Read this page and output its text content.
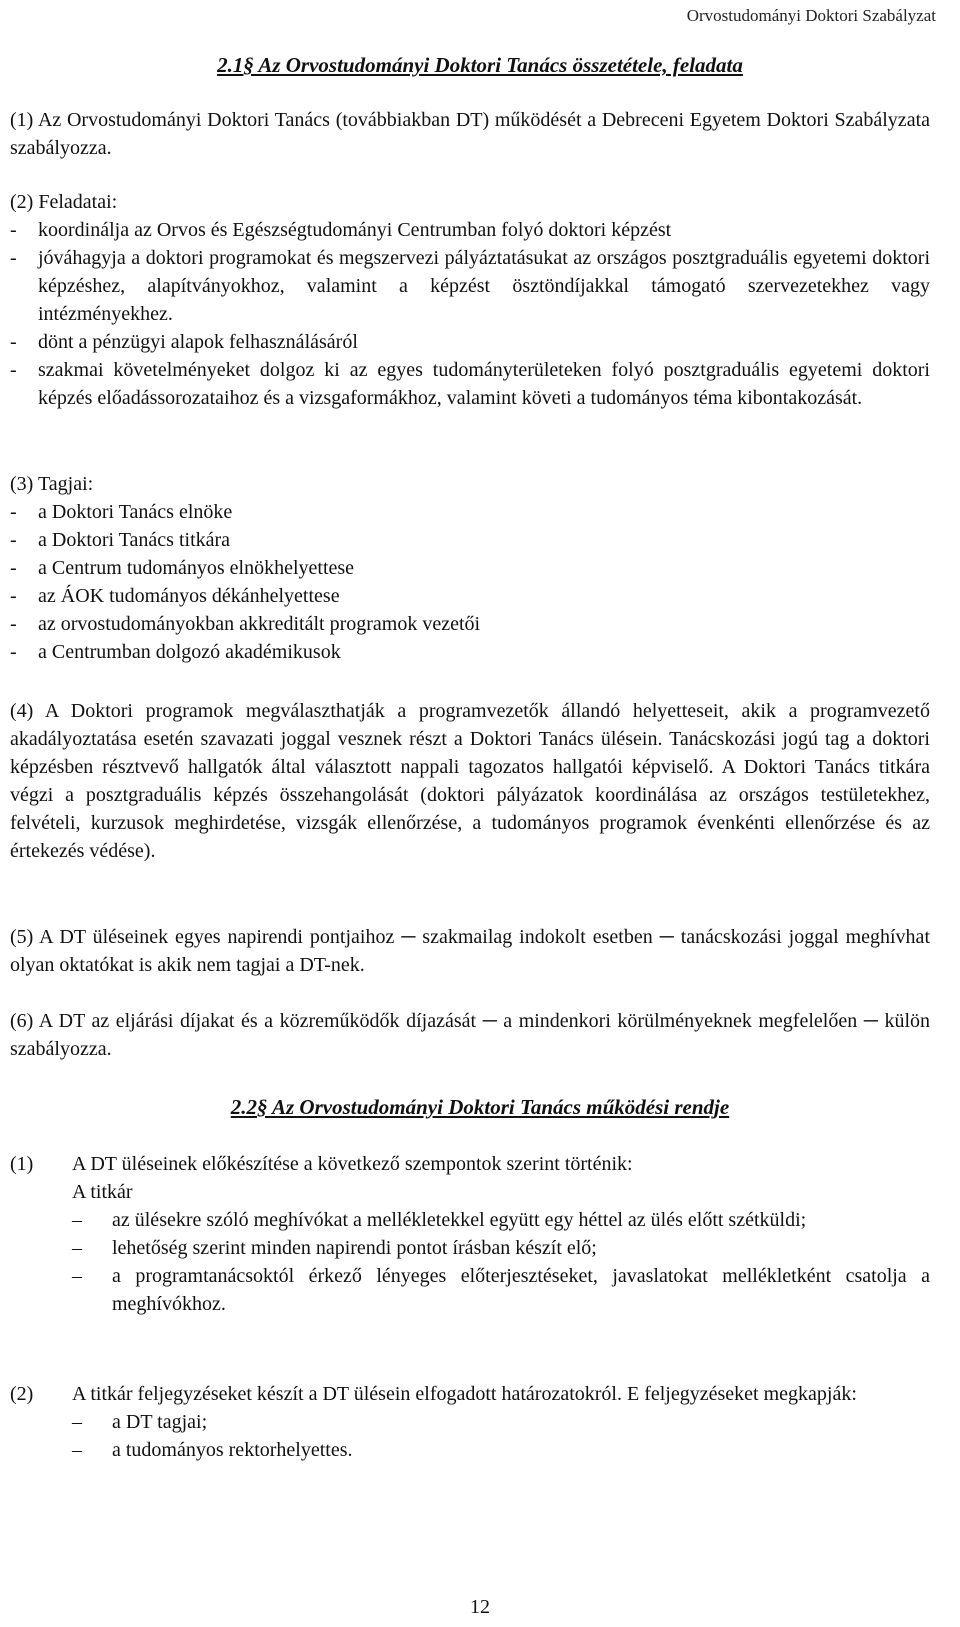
Orvostudományi Doktori Szabályzat
2.1§ Az Orvostudományi Doktori Tanács összetétele, feladata
(1) Az Orvostudományi Doktori Tanács (továbbiakban DT) működését a Debreceni Egyetem Doktori Szabályzata szabályozza.
(2) Feladatai:
- koordinálja az Orvos és Egészségtudományi Centrumban folyó doktori képzést
- jóváhagyja a doktori programokat és megszervezi pályáztatásukat az országos posztgraduális egyetemi doktori képzéshez, alapítványokhoz, valamint a képzést ösztöndíjakkal támogató szervezetekhez vagy intézményekhez.
- dönt a pénzügyi alapok felhasználásáról
- szakmai követelményeket dolgoz ki az egyes tudományterületeken folyó posztgraduális egyetemi doktori képzés előadássorozataihoz és a vizsgaformákhoz, valamint követi a tudományos téma kibontakozását.
(3) Tagjai:
- a Doktori Tanács elnöke
- a Doktori Tanács titkára
- a Centrum tudományos elnökhelyettese
- az ÁOK tudományos dékánhelyettese
- az orvostudományokban akkreditált programok vezetői
- a Centrumban dolgozó akadémikusok
(4) A Doktori programok megválaszthatják a programvezetők állandó helyetteseit, akik a programvezető akadályoztatása esetén szavazati joggal vesznek részt a Doktori Tanács ülésein. Tanácskozási jogú tag a doktori képzésben résztvevő hallgatók által választott nappali tagozatos hallgatói képviselő. A Doktori Tanács titkára végzi a posztgraduális képzés összehangolását (doktori pályázatok koordinálása az országos testületekhez, felvételi, kurzusok meghirdetése, vizsgák ellenőrzése, a tudományos programok évenkénti ellenőrzése és az értekezés védése).
(5) A DT üléseinek egyes napirendi pontjaihoz ─ szakmailag indokolt esetben ─ tanácskozási joggal meghívhat olyan oktatókat is akik nem tagjai a DT-nek.
(6) A DT az eljárási díjakat és a közreműködők díjazását ─ a mindenkori körülményeknek megfelelően ─ külön szabályozza.
2.2§ Az Orvostudományi Doktori Tanács működési rendje
(1) A DT üléseinek előkészítése a következő szempontok szerint történik:
A titkár
– az ülésekre szóló meghívókat a mellékletekkel együtt egy héttel az ülés előtt szétküldi;
– lehetőség szerint minden napirendi pontot írásban készít elő;
– a programtanácsoktól érkező lényeges előterjesztéseket, javaslatokat mellékletként csatolja a meghívókhoz.
(2) A titkár feljegyzéseket készít a DT ülésein elfogadott határozatokról. E feljegyzéseket megkapják:
– a DT tagjai;
– a tudományos rektorhelyettes.
12
